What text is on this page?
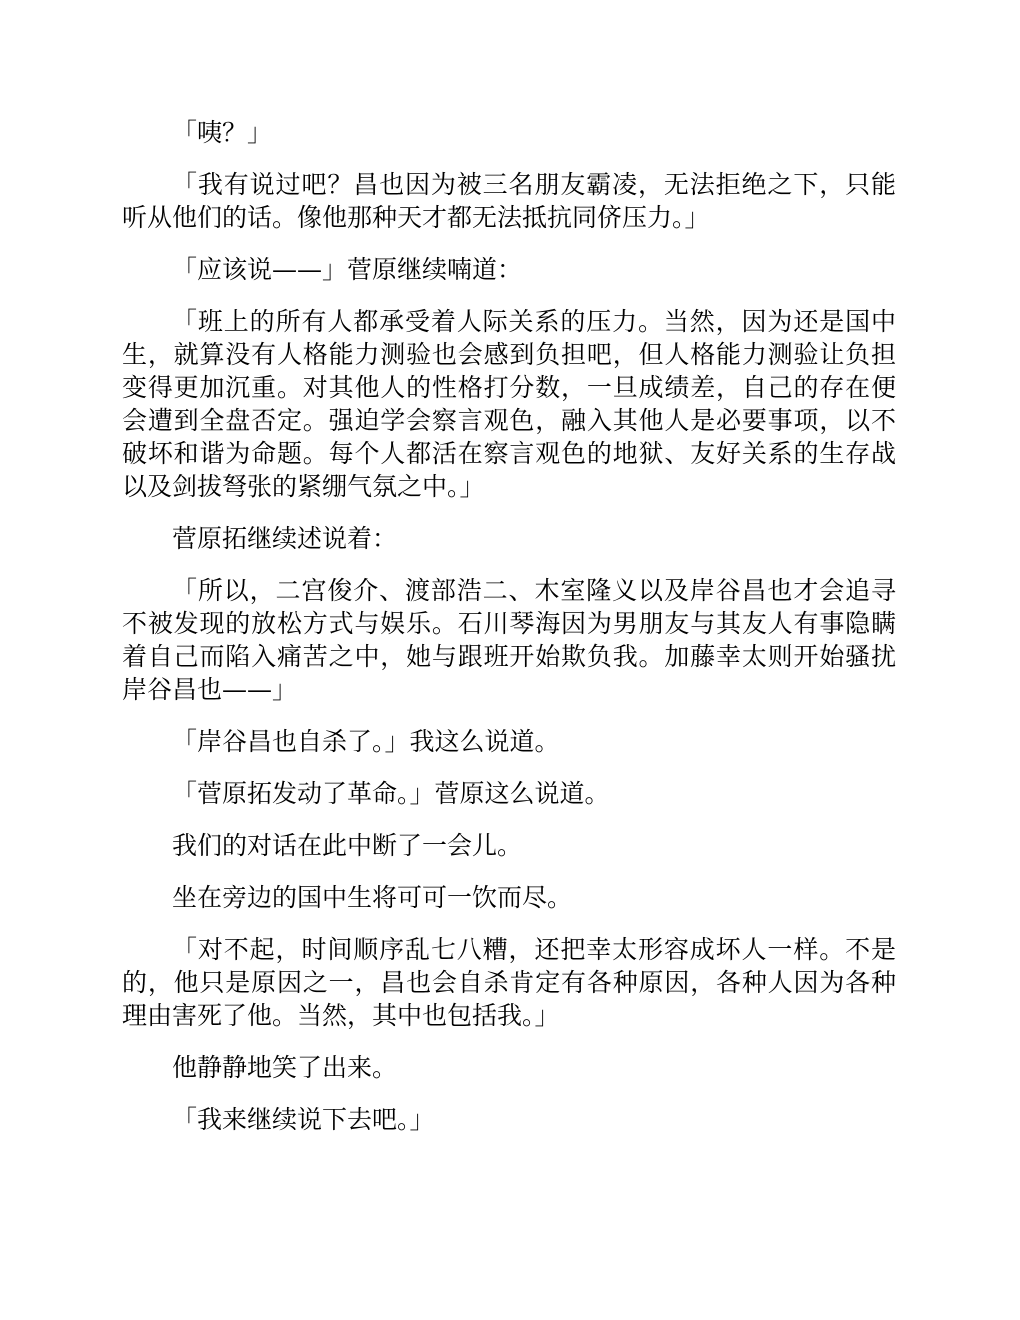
「咦？」

「我有说过吧？昌也因为被三名朋友霸凌，无法拒绝之下，只能听从他们的话。像他那种天才都无法抵抗同侪压力。」

「应该说——」菅原继续喃道：

「班上的所有人都承受着人际关系的压力。当然，因为还是国中生，就算没有人格能力测验也会感到负担吧，但人格能力测验让负担变得更加沉重。对其他人的性格打分数，一旦成绩差，自己的存在便会遭到全盘否定。强迫学会察言观色，融入其他人是必要事项，以不破坏和谐为命题。每个人都活在察言观色的地狱、友好关系的生存战以及剑拔弩张的紧绷气氛之中。」

菅原拓继续述说着：

「所以，二宫俊介、渡部浩二、木室隆义以及岸谷昌也才会追寻不被发现的放松方式与娱乐。石川琴海因为男朋友与其友人有事隐瞒着自己而陷入痛苦之中，她与跟班开始欺负我。加藤幸太则开始骚扰岸谷昌也——」

「岸谷昌也自杀了。」我这么说道。

「菅原拓发动了革命。」菅原这么说道。

我们的对话在此中断了一会儿。

坐在旁边的国中生将可可一饮而尽。

「对不起，时间顺序乱七八糟，还把幸太形容成坏人一样。不是的，他只是原因之一，昌也会自杀肯定有各种原因，各种人因为各种理由害死了他。当然，其中也包括我。」

他静静地笑了出来。

「我来继续说下去吧。」
